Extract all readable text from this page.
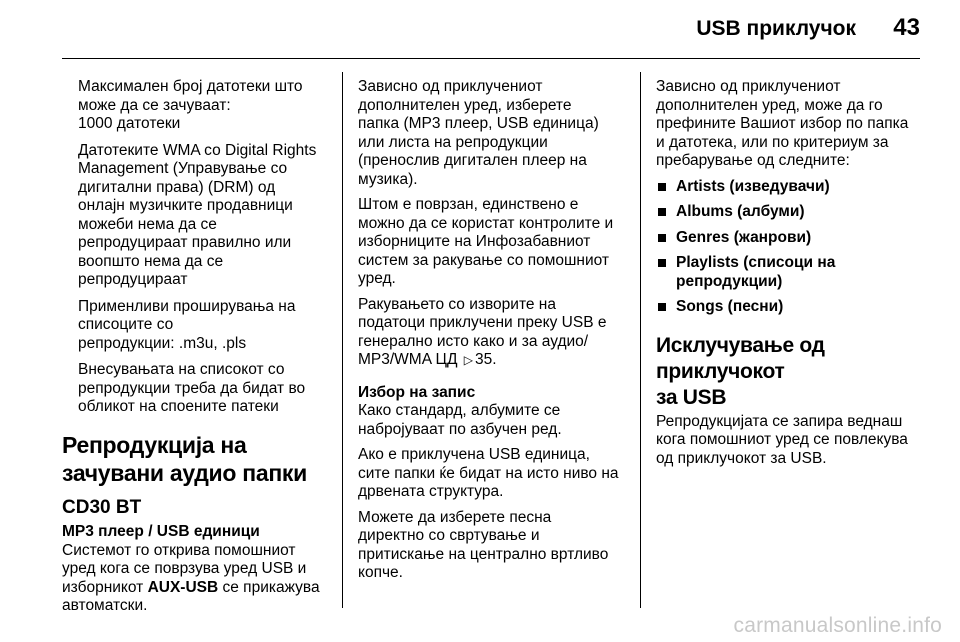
USB приклучок 43

Максимален број датотеки што
може да се зачуваат:
1000 датотеки

Датотеките WMA со Digital Rights
Management (Управување со
дигитални права) (DRM) од
онлајн музичките продавници
можеби нема да се
репродуцираат правилно или
воопшто нема да се
репродуцираат

Применливи проширувања на
списоците со
репродукции: .m3u, .pls

Внесувањата на списокот со
репродукции треба да бидат во
обликот на споените патеки

Репродукција на
зачувани аудио папки
CD30 BT
MP3 плеер / USB единици

Системот го открива помошниот
уред кога се поврзува уред USB и
изборникот AUX-USB се прикажува
автоматски.

Зависно од приклучениот
дополнителен уред, изберете
папка (MP3 плеер, USB единица)
или листа на репродукции
(пренослив дигитален плеер на
музика).

Штом е поврзан, единствено е
можно да се користат контролите и
изборниците на Инфозабавниот
систем за ракување со помошниот
уред.

Ракувањето со изворите на
податоци приклучени преку USB е
генерално исто како и за аудио/
MP3/WMA ЦД ▷ 35.

Избор на запис

Како стандард, албумите се
набројуваат по азбучен ред.

Ако е приклучена USB единица,
сите папки ќе бидат на исто ниво на
дрвената структура.

Можете да изберете песна
директно со свртување и
притискање на централно вртливо
копче.

Зависно од приклучениот
дополнителен уред, може да го
префините Вашиот избор по папка
и датотека, или по критериум за
пребарување од следните:

Artists (изведувачи)
Albums (албуми)
Genres (жанрови)
Playlists (списоци на
репродукции)
Songs (песни)
Исклучување од приклучокот
за USB

Репродукцијата се запира веднаш
кога помошниот уред се повлекува
од приклучокот за USB.

carmanualsonline.info
